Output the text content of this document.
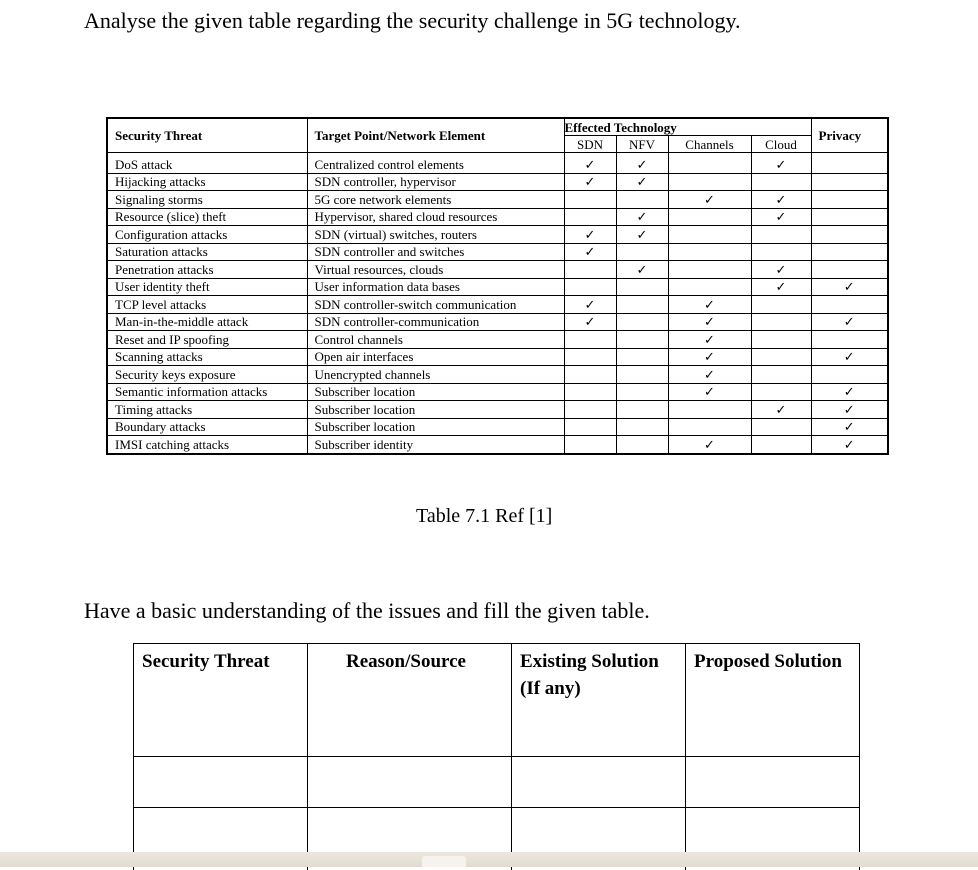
Analyse the given table regarding the security challenge in 5G technology.
Security Threat	Target Point/Network Element	Effected Technology				Privacy
		SDN	NFV	Channels	Cloud	

DoS attack	Centralized control elements	✓	✓		✓	
Hijacking attacks	SDN controller, hypervisor	✓	✓			
Signaling storms	5G core network elements			✓	✓	
Resource (slice) theft	Hypervisor, shared cloud resources		✓		✓	
Configuration attacks	SDN (virtual) switches, routers	✓	✓			
Saturation attacks	SDN controller and switches	✓				
Penetration attacks	Virtual resources, clouds		✓		✓	
User identity theft	User information data bases				✓	✓
TCP level attacks	SDN controller-switch communication	✓		✓		
Man-in-the-middle attack	SDN controller-communication	✓		✓		✓
Reset and IP spoofing	Control channels			✓		
Scanning attacks	Open air interfaces			✓		✓
Security keys exposure	Unencrypted channels			✓		
Semantic information attacks	Subscriber location			✓		✓
Timing attacks	Subscriber location				✓	✓
Boundary attacks	Subscriber location					✓
IMSI catching attacks	Subscriber identity			✓		✓
Table 7.1 Ref [1]
Have a basic understanding of the issues and fill the given table.
Security Threat	Reason/Source	Existing Solution
(If any)	Proposed Solution
